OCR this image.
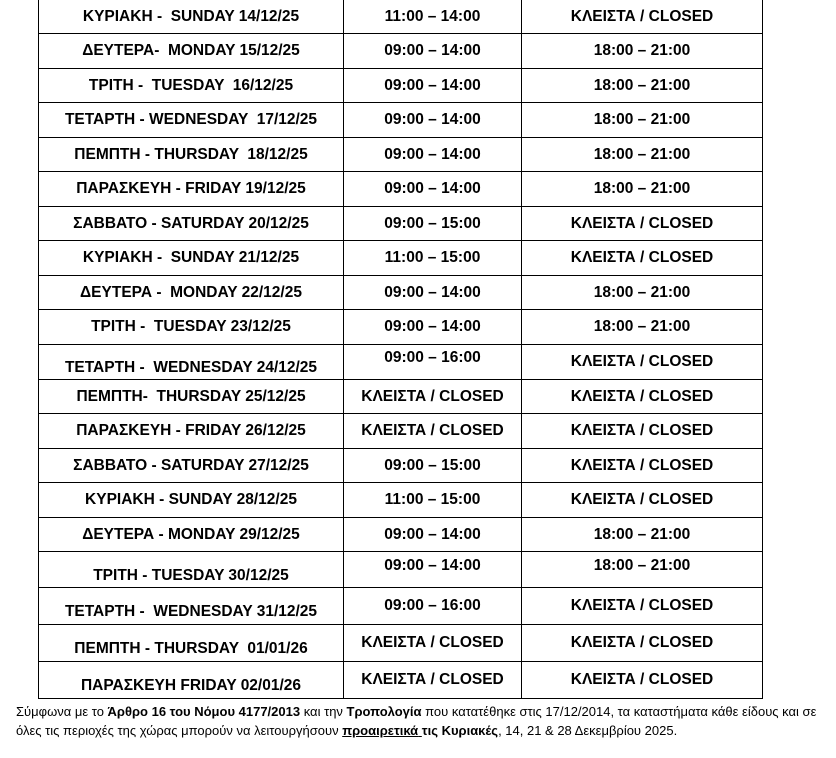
ΚΥΡΙΑΚΗ -  SUNDAY 14/12/25	11:00 – 14:00	ΚΛΕΙΣΤΑ / CLOSED
ΔΕΥΤΕΡΑ-  MONDAY 15/12/25	09:00 – 14:00	18:00 – 21:00
ΤΡΙΤΗ -  TUESDAY  16/12/25	09:00 – 14:00	18:00 – 21:00
ΤΕΤΑΡΤΗ - WEDNESDAY  17/12/25	09:00 – 14:00	18:00 – 21:00
ΠΕΜΠΤΗ - THURSDAY  18/12/25	09:00 – 14:00	18:00 – 21:00
ΠΑΡΑΣΚΕΥΗ - FRIDAY 19/12/25	09:00 – 14:00	18:00 – 21:00
ΣΑΒΒΑΤΟ - SATURDAY 20/12/25	09:00 – 15:00	ΚΛΕΙΣΤΑ / CLOSED
ΚΥΡΙΑΚΗ -  SUNDAY 21/12/25	11:00 – 15:00	ΚΛΕΙΣΤΑ / CLOSED
ΔΕΥΤΕΡΑ -  MONDAY 22/12/25	09:00 – 14:00	18:00 – 21:00
ΤΡΙΤΗ -  TUESDAY 23/12/25	09:00 – 14:00	18:00 – 21:00
ΤΕΤΑΡΤΗ -  WEDNESDAY 24/12/25	09:00 – 16:00	ΚΛΕΙΣΤΑ / CLOSED
ΠΕΜΠΤΗ-  THURSDAY 25/12/25	ΚΛΕΙΣΤΑ / CLOSED	ΚΛΕΙΣΤΑ / CLOSED
ΠΑΡΑΣΚΕΥΗ - FRIDAY 26/12/25	ΚΛΕΙΣΤΑ / CLOSED	ΚΛΕΙΣΤΑ / CLOSED
ΣΑΒΒΑΤΟ - SATURDAY 27/12/25	09:00 – 15:00	ΚΛΕΙΣΤΑ / CLOSED
ΚΥΡΙΑΚΗ - SUNDAY 28/12/25	11:00 – 15:00	ΚΛΕΙΣΤΑ / CLOSED
ΔΕΥΤΕΡΑ - MONDAY 29/12/25	09:00 – 14:00	18:00 – 21:00
ΤΡΙΤΗ - TUESDAY 30/12/25	09:00 – 14:00	18:00 – 21:00
ΤΕΤΑΡΤΗ -  WEDNESDAY 31/12/25	09:00 – 16:00	ΚΛΕΙΣΤΑ / CLOSED
ΠΕΜΠΤΗ - THURSDAY  01/01/26	ΚΛΕΙΣΤΑ / CLOSED	ΚΛΕΙΣΤΑ / CLOSED
ΠΑΡΑΣΚΕΥΗ FRIDAY 02/01/26	ΚΛΕΙΣΤΑ / CLOSED	ΚΛΕΙΣΤΑ / CLOSED

Σύμφωνα με το Άρθρο 16 του Νόμου 4177/2013 και την Τροπολογία που κατατέθηκε στις 17/12/2014, τα καταστήματα κάθε είδους και σε όλες τις περιοχές της χώρας μπορούν να λειτουργήσουν προαιρετικά τις Κυριακές, 14, 21 & 28 Δεκεμβρίου 2025.
